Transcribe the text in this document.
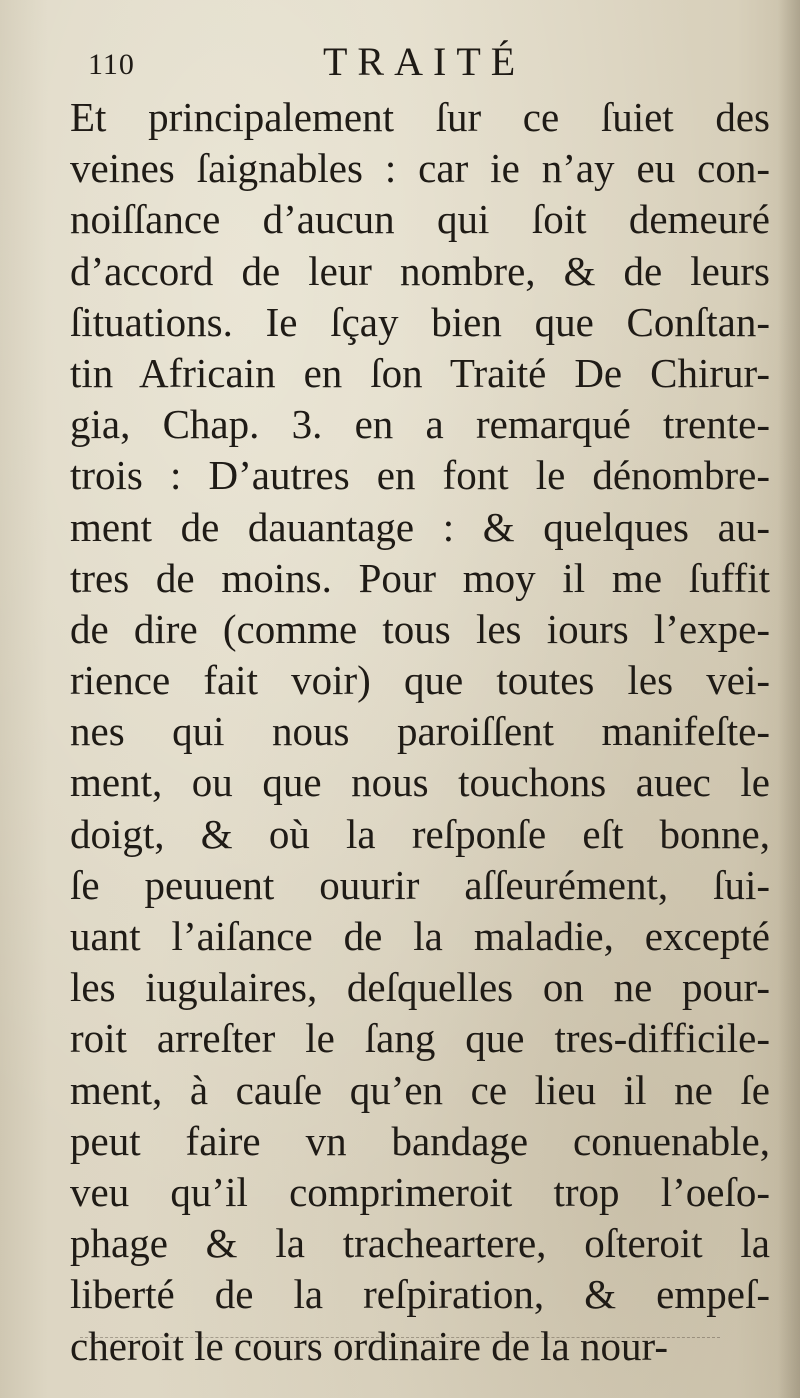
110	TRAITÉ
Et principalement ſur ce ſuiet des
veines ſaignables : car ie n’ay eu con-
noiſſance d’aucun qui ſoit demeuré
d’accord de leur nombre, & de leurs
ſituations. Ie ſçay bien que Conſtan-
tin Africain en ſon Traité De Chirur-
gia, Chap. 3. en a remarqué trente-
trois : D’autres en font le dénombre-
ment de dauantage : & quelques au-
tres de moins. Pour moy il me ſuffit
de dire (comme tous les iours l’expe-
rience fait voir) que toutes les vei-
nes qui nous paroiſſent manifeſte-
ment, ou que nous touchons auec le
doigt, & où la reſponſe eſt bonne,
ſe peuuent ouurir aſſeurément, ſui-
uant l’aiſance de la maladie, excepté
les iugulaires, deſquelles on ne pour-
roit arreſter le ſang que tres-difficile-
ment, à cauſe qu’en ce lieu il ne ſe
peut faire vn bandage conuenable,
veu qu’il comprimeroit trop l’oeſo-
phage & la tracheartere, oſteroit la
liberté de la reſpiration, & empeſ-
cheroit le cours ordinaire de la nour-
